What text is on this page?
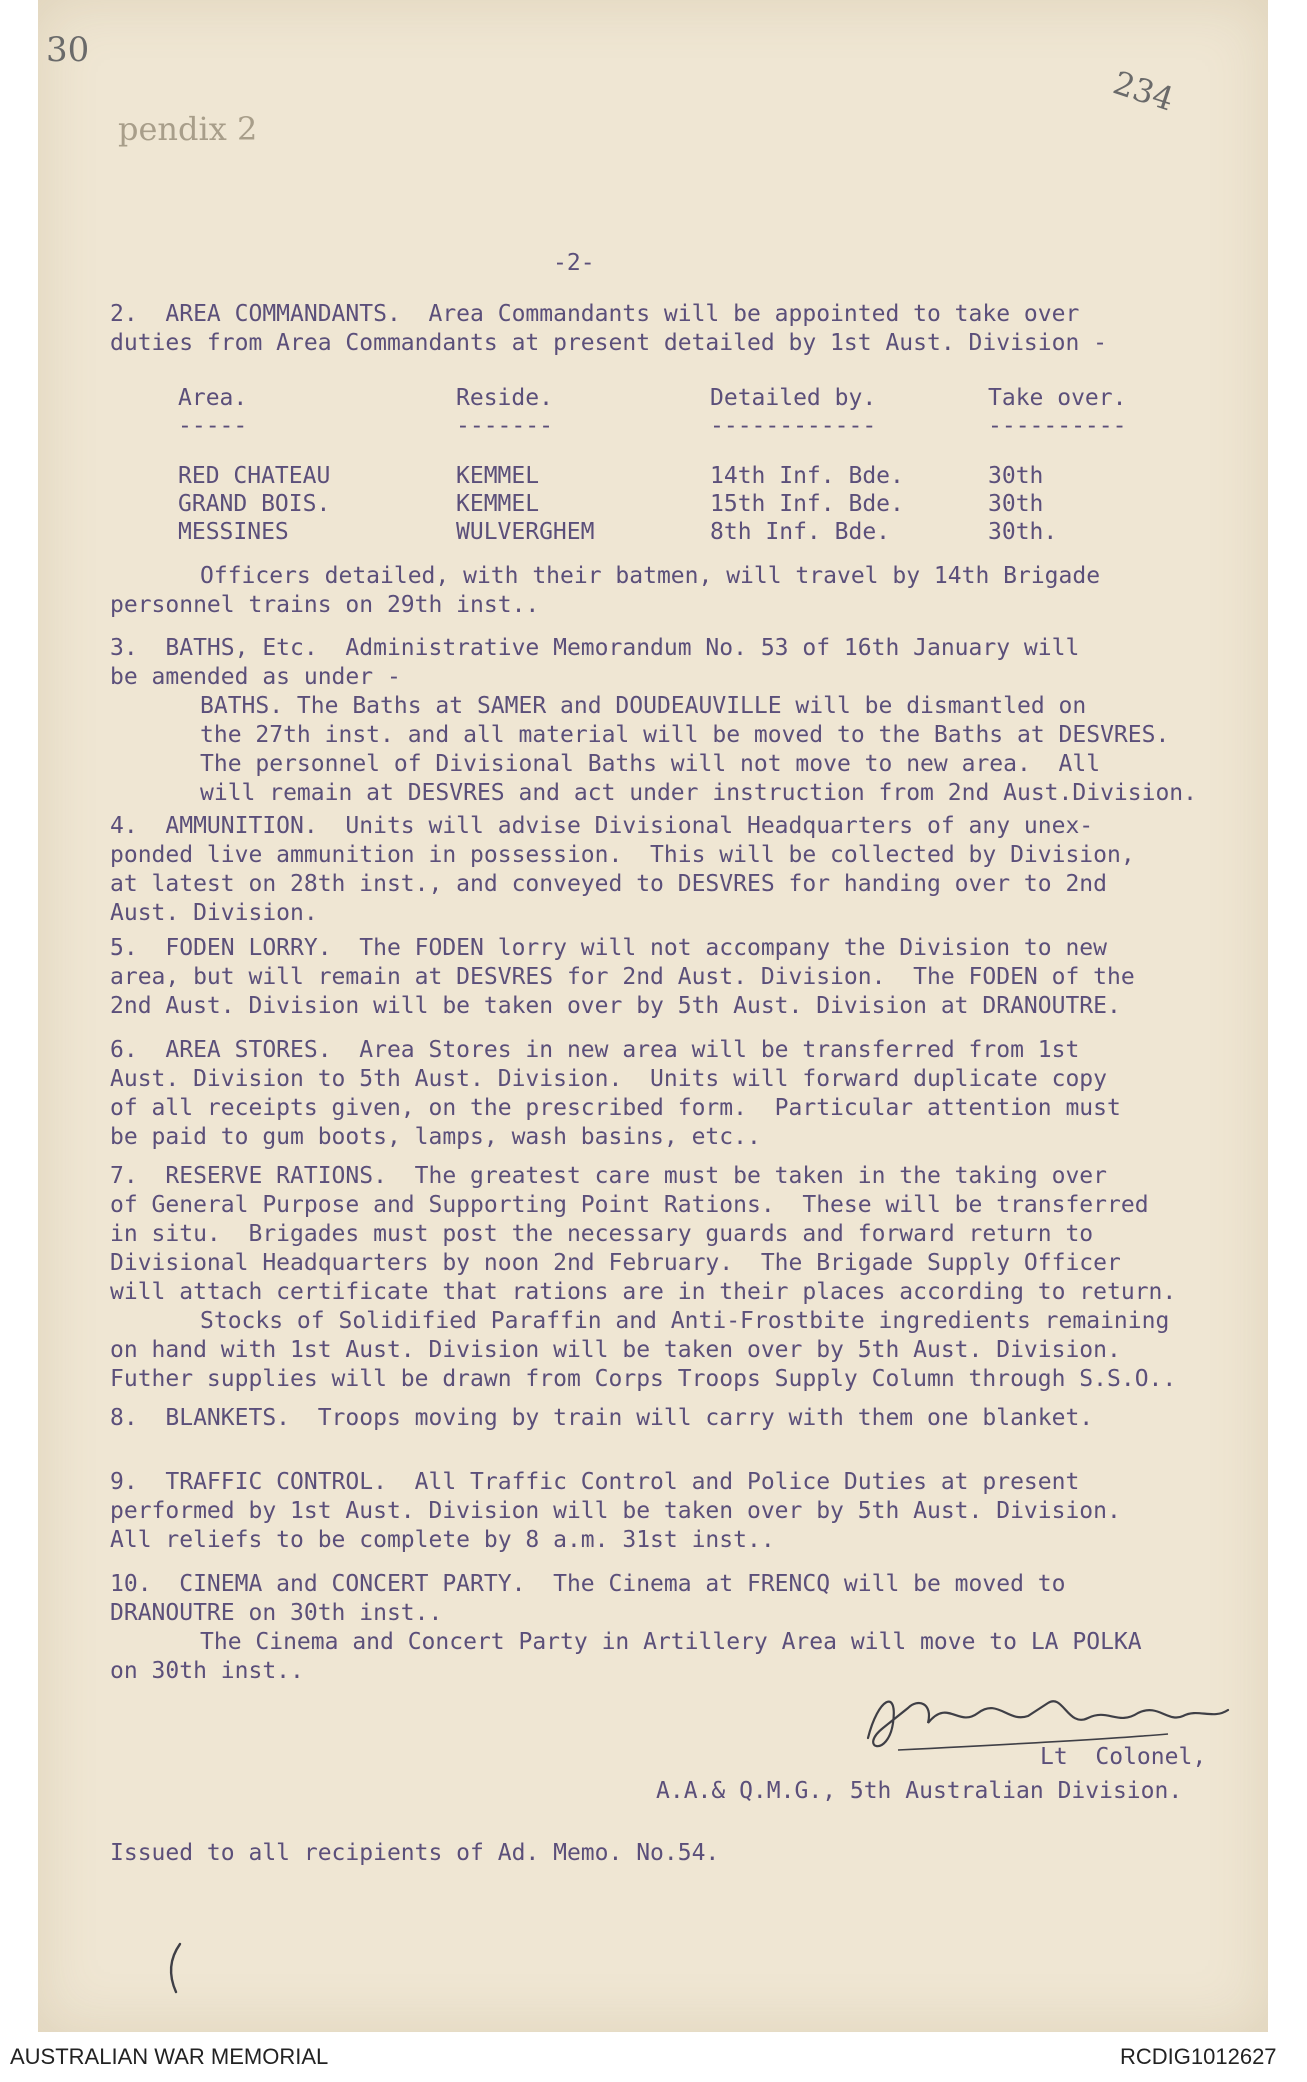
30
234
pendix 2
-2-
2.  AREA COMMANDANTS.  Area Commandants will be appointed to take over
duties from Area Commandants at present detailed by 1st Aust. Division -
Area.
-----
RED CHATEAU
GRAND BOIS.
MESSINES
Reside.
-------
KEMMEL
KEMMEL
WULVERGHEM
Detailed by.
------------
14th Inf. Bde.
15th Inf. Bde.
8th Inf. Bde.
Take over.
----------
30th
30th
30th.
Officers detailed, with their batmen, will travel by 14th Brigade
personnel trains on 29th inst..
3.  BATHS, Etc.  Administrative Memorandum No. 53 of 16th January will
be amended as under -
BATHS. The Baths at SAMER and DOUDEAUVILLE will be dismantled on
the 27th inst. and all material will be moved to the Baths at DESVRES.
The personnel of Divisional Baths will not move to new area.  All
will remain at DESVRES and act under instruction from 2nd Aust.Division.
4.  AMMUNITION.  Units will advise Divisional Headquarters of any unex-
ponded live ammunition in possession.  This will be collected by Division,
at latest on 28th inst., and conveyed to DESVRES for handing over to 2nd
Aust. Division.
5.  FODEN LORRY.  The FODEN lorry will not accompany the Division to new
area, but will remain at DESVRES for 2nd Aust. Division.  The FODEN of the
2nd Aust. Division will be taken over by 5th Aust. Division at DRANOUTRE.
6.  AREA STORES.  Area Stores in new area will be transferred from 1st
Aust. Division to 5th Aust. Division.  Units will forward duplicate copy
of all receipts given, on the prescribed form.  Particular attention must
be paid to gum boots, lamps, wash basins, etc..
7.  RESERVE RATIONS.  The greatest care must be taken in the taking over
of General Purpose and Supporting Point Rations.  These will be transferred
in situ.  Brigades must post the necessary guards and forward return to
Divisional Headquarters by noon 2nd February.  The Brigade Supply Officer
will attach certificate that rations are in their places according to return.
Stocks of Solidified Paraffin and Anti-Frostbite ingredients remaining
on hand with 1st Aust. Division will be taken over by 5th Aust. Division.
Futher supplies will be drawn from Corps Troops Supply Column through S.S.O..
8.  BLANKETS.  Troops moving by train will carry with them one blanket.
9.  TRAFFIC CONTROL.  All Traffic Control and Police Duties at present
performed by 1st Aust. Division will be taken over by 5th Aust. Division.
All reliefs to be complete by 8 a.m. 31st inst..
10.  CINEMA and CONCERT PARTY.  The Cinema at FRENCQ will be moved to
DRANOUTRE on 30th inst..
The Cinema and Concert Party in Artillery Area will move to LA POLKA
on 30th inst..
Lt  Colonel,
A.A.& Q.M.G., 5th Australian Division.
Issued to all recipients of Ad. Memo. No.54.
AUSTRALIAN WAR MEMORIAL	RCDIG1012627
